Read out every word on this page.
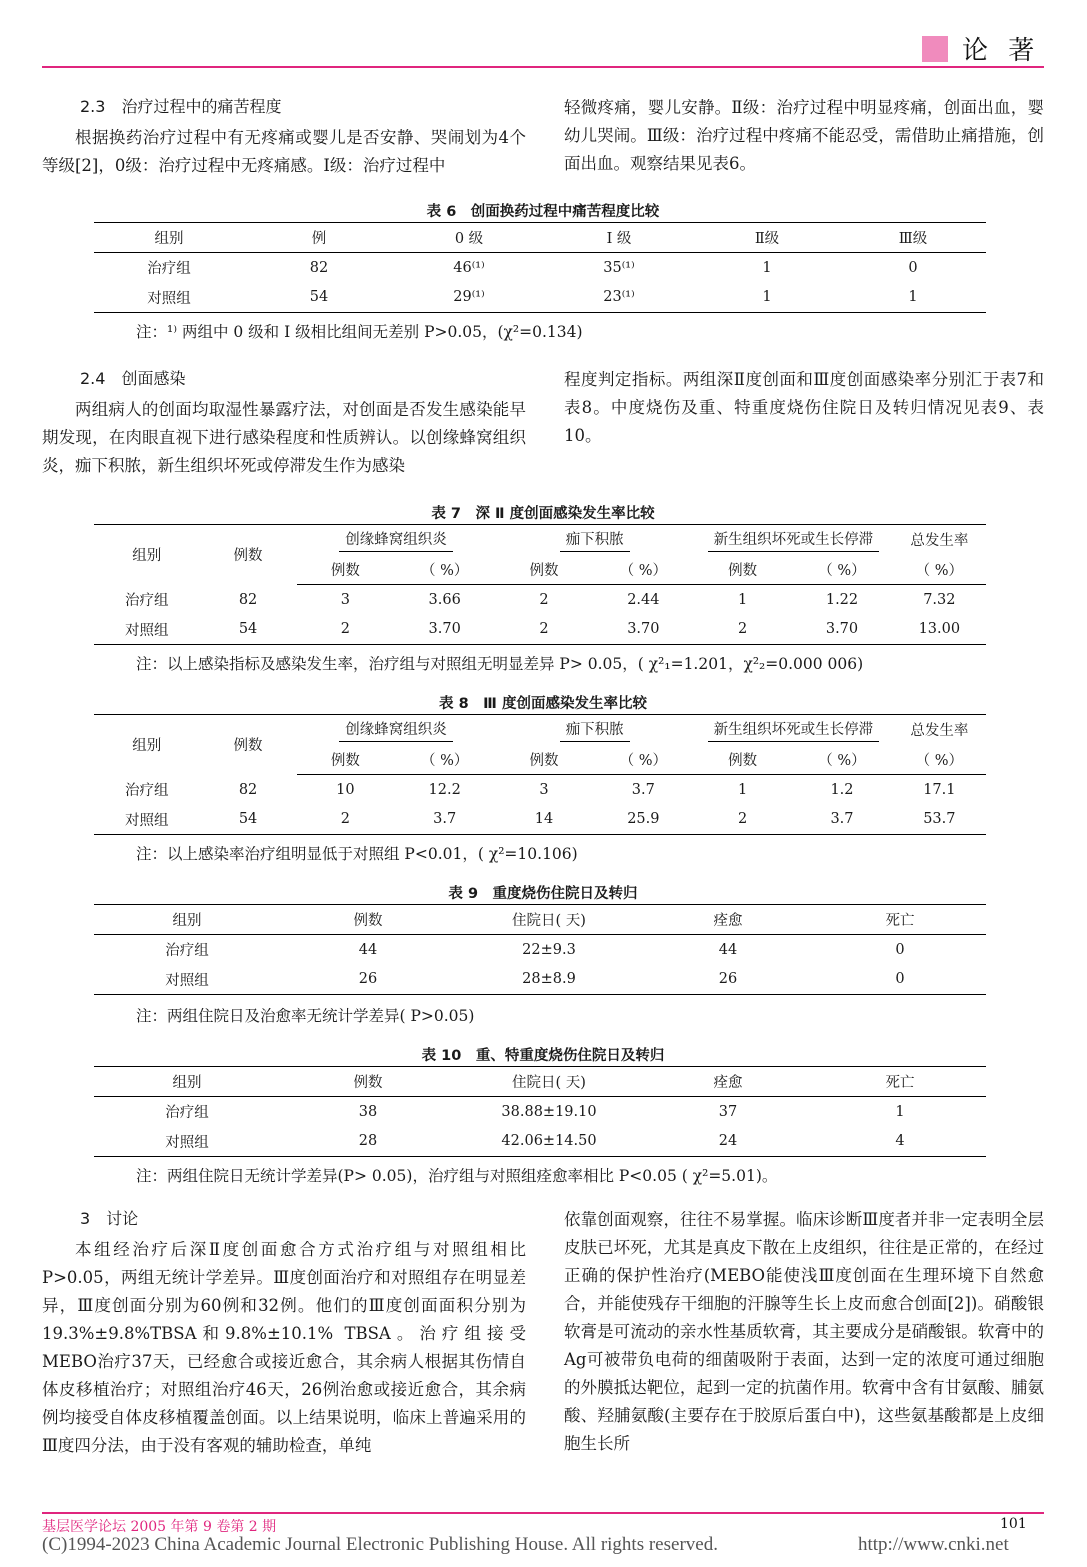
论 著
2.3　治疗过程中的痛苦程度

根据换药治疗过程中有无疼痛或婴儿是否安静、哭闹划为4个等级[2]，0级：治疗过程中无疼痛感。Ⅰ级：治疗过程中

轻微疼痛，婴儿安静。Ⅱ级：治疗过程中明显疼痛，创面出血，婴幼儿哭闹。Ⅲ级：治疗过程中疼痛不能忍受，需借助止痛措施，创面出血。观察结果见表6。

表 6　创面换药过程中痛苦程度比较
组别	例	0 级	Ⅰ 级	Ⅱ级	Ⅲ级
治疗组	82	46⁽¹⁾	35⁽¹⁾	1	0
对照组	54	29⁽¹⁾	23⁽¹⁾	1	1
注：¹⁾ 两组中 0 级和 Ⅰ 级相比组间无差别 P>0.05，(χ²=0.134)
2.4　创面感染

两组病人的创面均取湿性暴露疗法，对创面是否发生感染能早期发现，在肉眼直视下进行感染程度和性质辨认。以创缘蜂窝组织炎，痂下积脓，新生组织坏死或停滞发生作为感染

程度判定指标。两组深Ⅱ度创面和Ⅲ度创面感染率分别汇于表7和表8。中度烧伤及重、特重度烧伤住院日及转归情况见表9、表10。

表 7　深 Ⅱ 度创面感染发生率比较
组别	例数	创缘蜂窝组织炎		痂下积脓		新生组织坏死或生长停滞		总发生率
		例数	（ %）	例数	（ %）	例数	（ %）	（ %）
治疗组	82	3	3.66	2	2.44	1	1.22	7.32
对照组	54	2	3.70	2	3.70	2	3.70	13.00
注：以上感染指标及感染发生率，治疗组与对照组无明显差异 P> 0.05，( χ²₁=1.201，χ²₂=0.000 006)
表 8　Ⅲ 度创面感染发生率比较
组别	例数	创缘蜂窝组织炎		痂下积脓		新生组织坏死或生长停滞		总发生率
		例数	（ %）	例数	（ %）	例数	（ %）	（ %）
治疗组	82	10	12.2	3	3.7	1	1.2	17.1
对照组	54	2	3.7	14	25.9	2	3.7	53.7
注：以上感染率治疗组明显低于对照组 P<0.01，( χ²=10.106)
表 9　重度烧伤住院日及转归
组别	例数	住院日( 天)	痊愈	死亡
治疗组	44	22±9.3	44	0
对照组	26	28±8.9	26	0
注：两组住院日及治愈率无统计学差异( P>0.05)
表 10　重、特重度烧伤住院日及转归
组别	例数	住院日( 天)	痊愈	死亡
治疗组	38	38.88±19.10	37	1
对照组	28	42.06±14.50	24	4
注：两组住院日无统计学差异(P> 0.05)，治疗组与对照组痊愈率相比 P<0.05 ( χ²=5.01)。
3　讨论

本组经治疗后深Ⅱ度创面愈合方式治疗组与对照组相比P>0.05，两组无统计学差异。Ⅲ度创面治疗和对照组存在明显差异，Ⅲ度创面分别为60例和32例。他们的Ⅲ度创面面积分别为19.3%±9.8%TBSA和9.8%±10.1% TBSA。治疗组接受MEBO治疗37天，已经愈合或接近愈合，其余病人根据其伤情自体皮移植治疗；对照组治疗46天，26例治愈或接近愈合，其余病例均接受自体皮移植覆盖创面。以上结果说明，临床上普遍采用的Ⅲ度四分法，由于没有客观的辅助检查，单纯

依靠创面观察，往往不易掌握。临床诊断Ⅲ度者并非一定表明全层皮肤已坏死，尤其是真皮下散在上皮组织，往往是正常的，在经过正确的保护性治疗(MEBO能使浅Ⅲ度创面在生理环境下自然愈合，并能使残存干细胞的汗腺等生长上皮而愈合创面[2])。硝酸银软膏是可流动的亲水性基质软膏，其主要成分是硝酸银。软膏中的Ag可被带负电荷的细菌吸附于表面，达到一定的浓度可通过细胞的外膜抵达靶位，起到一定的抗菌作用。软膏中含有甘氨酸、脯氨酸、羟脯氨酸(主要存在于胶原后蛋白中)，这些氨基酸都是上皮细胞生长所

基层医学论坛 2005 年第 9 卷第 2 期	101
(C)1994-2023 China Academic Journal Electronic Publishing House. All rights reserved.	http://www.cnki.net
